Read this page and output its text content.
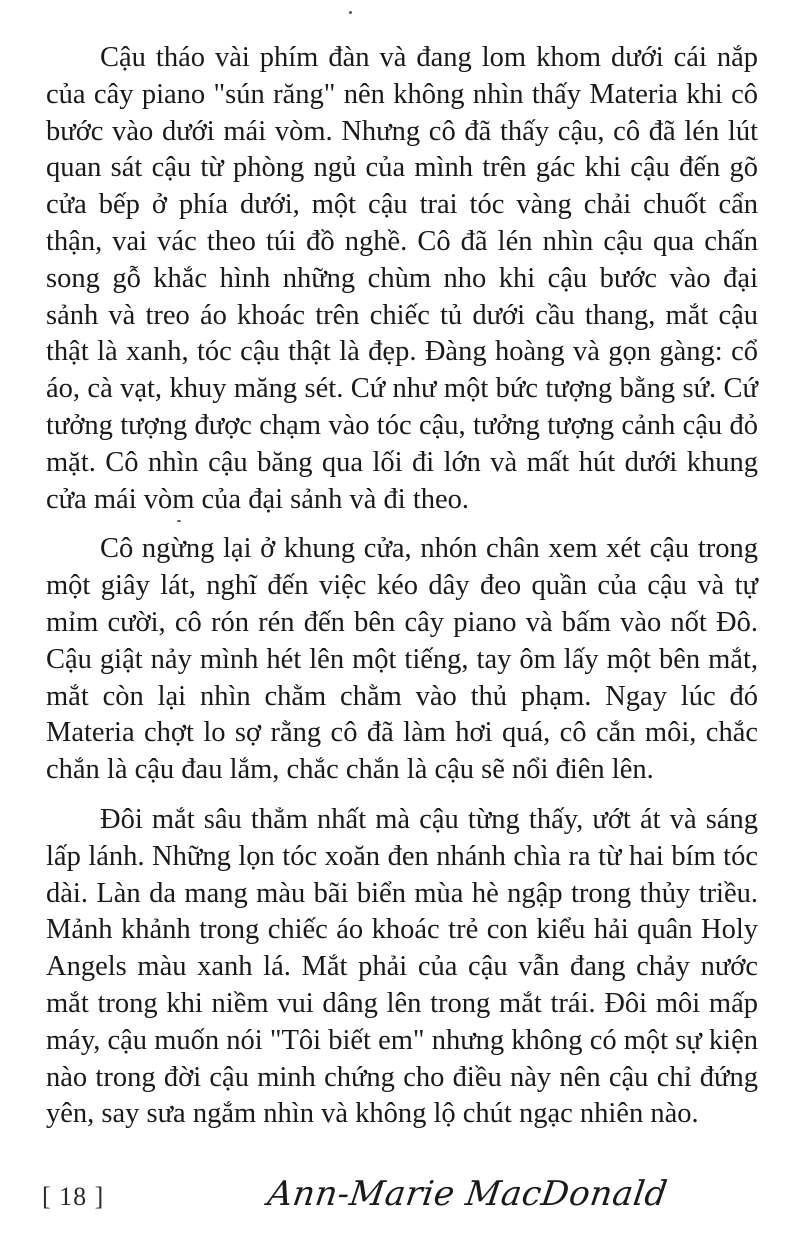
Cậu tháo vài phím đàn và đang lom khom dưới cái nắp của cây piano "sún răng" nên không nhìn thấy Materia khi cô bước vào dưới mái vòm. Nhưng cô đã thấy cậu, cô đã lén lút quan sát cậu từ phòng ngủ của mình trên gác khi cậu đến gõ cửa bếp ở phía dưới, một cậu trai tóc vàng chải chuốt cẩn thận, vai vác theo túi đồ nghề. Cô đã lén nhìn cậu qua chấn song gỗ khắc hình những chùm nho khi cậu bước vào đại sảnh và treo áo khoác trên chiếc tủ dưới cầu thang, mắt cậu thật là xanh, tóc cậu thật là đẹp. Đàng hoàng và gọn gàng: cổ áo, cà vạt, khuy măng sét. Cứ như một bức tượng bằng sứ. Cứ tưởng tượng được chạm vào tóc cậu, tưởng tượng cảnh cậu đỏ mặt. Cô nhìn cậu băng qua lối đi lớn và mất hút dưới khung cửa mái vòm của đại sảnh và đi theo.

Cô ngừng lại ở khung cửa, nhón chân xem xét cậu trong một giây lát, nghĩ đến việc kéo dây đeo quần của cậu và tự mỉm cười, cô rón rén đến bên cây piano và bấm vào nốt Đô. Cậu giật nảy mình hét lên một tiếng, tay ôm lấy một bên mắt, mắt còn lại nhìn chằm chằm vào thủ phạm. Ngay lúc đó Materia chợt lo sợ rằng cô đã làm hơi quá, cô cắn môi, chắc chắn là cậu đau lắm, chắc chắn là cậu sẽ nổi điên lên.

Đôi mắt sâu thẳm nhất mà cậu từng thấy, ướt át và sáng lấp lánh. Những lọn tóc xoăn đen nhánh chìa ra từ hai bím tóc dài. Làn da mang màu bãi biển mùa hè ngập trong thủy triều. Mảnh khảnh trong chiếc áo khoác trẻ con kiểu hải quân Holy Angels màu xanh lá. Mắt phải của cậu vẫn đang chảy nước mắt trong khi niềm vui dâng lên trong mắt trái. Đôi môi mấp máy, cậu muốn nói "Tôi biết em" nhưng không có một sự kiện nào trong đời cậu minh chứng cho điều này nên cậu chỉ đứng yên, say sưa ngắm nhìn và không lộ chút ngạc nhiên nào.

[ 18 ]	Ann-Marie MacDonald
